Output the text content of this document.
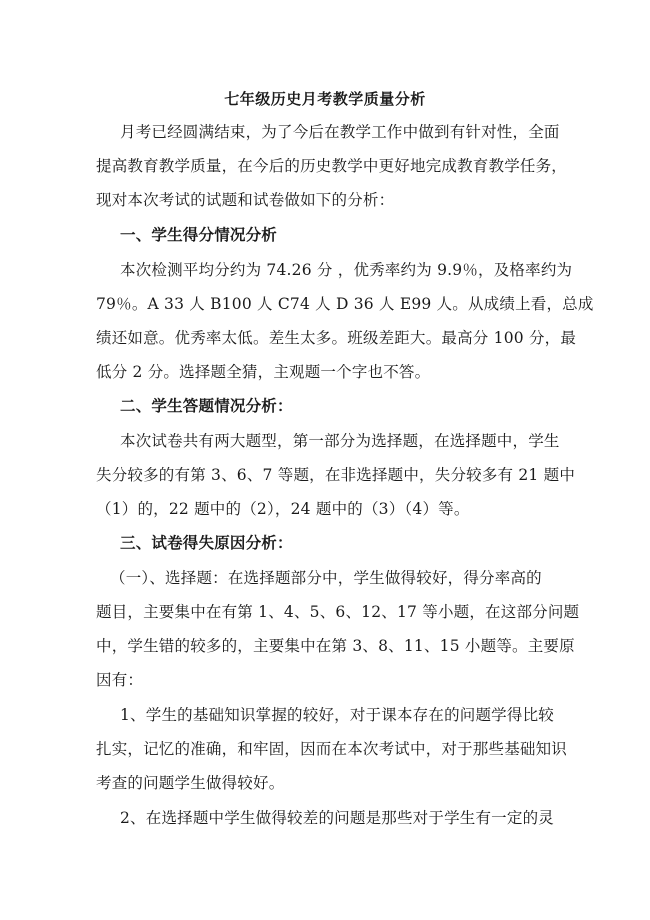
七年级历史月考教学质量分析
月考已经圆满结束，为了今后在教学工作中做到有针对性，全面
提高教育教学质量，在今后的历史教学中更好地完成教育教学任务，
现对本次考试的试题和试卷做如下的分析：
一、学生得分情况分析
本次检测平均分约为 74.26 分 ，优秀率约为 9.9％，及格率约为
79％。A 33 人 B100 人 C74 人 D 36 人 E99 人。从成绩上看，总成
绩还如意。优秀率太低。差生太多。班级差距大。最高分 100 分，最
低分 2 分。选择题全猜，主观题一个字也不答。
二、学生答题情况分析：
本次试卷共有两大题型，第一部分为选择题，在选择题中，学生
失分较多的有第 3、6、7 等题，在非选择题中，失分较多有 21 题中
（1）的，22 题中的（2），24 题中的（3）（4）等。
三、试卷得失原因分析：
（一）、选择题：在选择题部分中，学生做得较好，得分率高的
题目，主要集中在有第 1、4、5、6、12、17 等小题，在这部分问题
中，学生错的较多的，主要集中在第 3、8、11、15 小题等。主要原
因有：
1、学生的基础知识掌握的较好，对于课本存在的问题学得比较
扎实，记忆的准确，和牢固，因而在本次考试中，对于那些基础知识
考查的问题学生做得较好。
2、在选择题中学生做得较差的问题是那些对于学生有一定的灵
